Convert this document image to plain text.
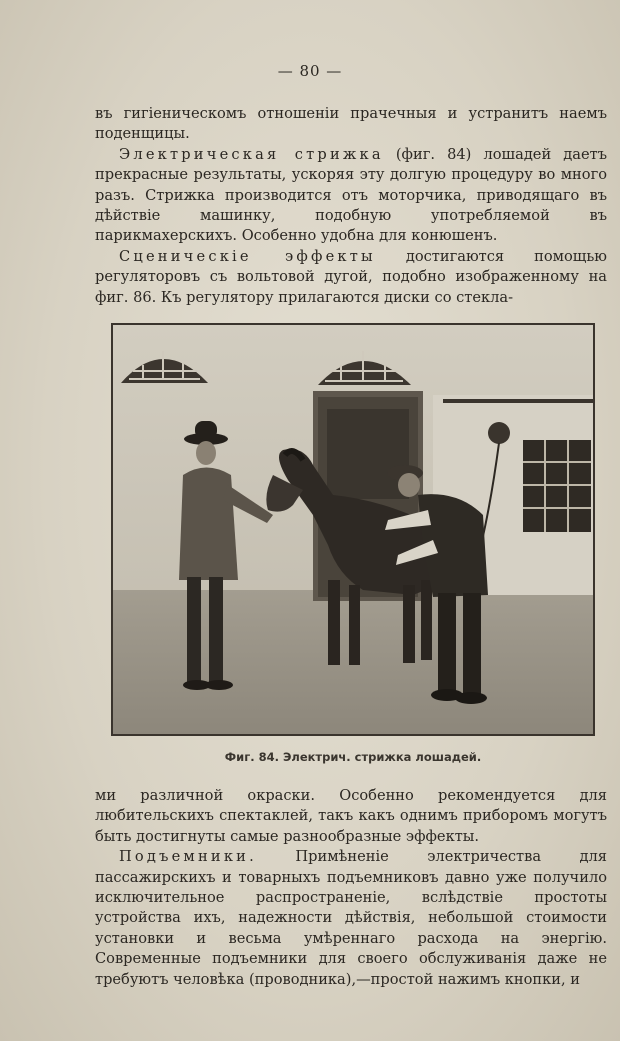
— 80 —

въ гигіеническомъ отношеніи прачечныя и устранитъ наемъ поденщицы.

Электрическая стрижка (фиг. 84) лошадей даетъ прекрасные результаты, ускоряя эту долгую процедуру во много разъ. Стрижка производится отъ моторчика, приводящаго въ дѣйствіе машинку, подобную употребляемой въ парикмахерскихъ. Особенно удобна для конюшенъ.

Сценическіе эффекты достигаются помощью регуляторовъ съ вольтовой дугой, подобно изображенному на фиг. 86. Къ регулятору прилагаются диски со стекла-

Фиг. 84. Электрич. стрижка лошадей.

ми различной окраски. Особенно рекомендуется для любительскихъ спектаклей, такъ какъ однимъ приборомъ могутъ быть достигнуты самые разнообразные эффекты.

Подъемники. Примѣненіе электричества для пассажирскихъ и товарныхъ подъемниковъ давно уже получило исключительное распространеніе, вслѣдствіе простоты устройства ихъ, надежности дѣйствія, небольшой стоимости установки и весьма умѣреннаго расхода на энергію. Современные подъемники для своего обслуживанія даже не требуютъ человѣка (проводника),—простой нажимъ кнопки, и
